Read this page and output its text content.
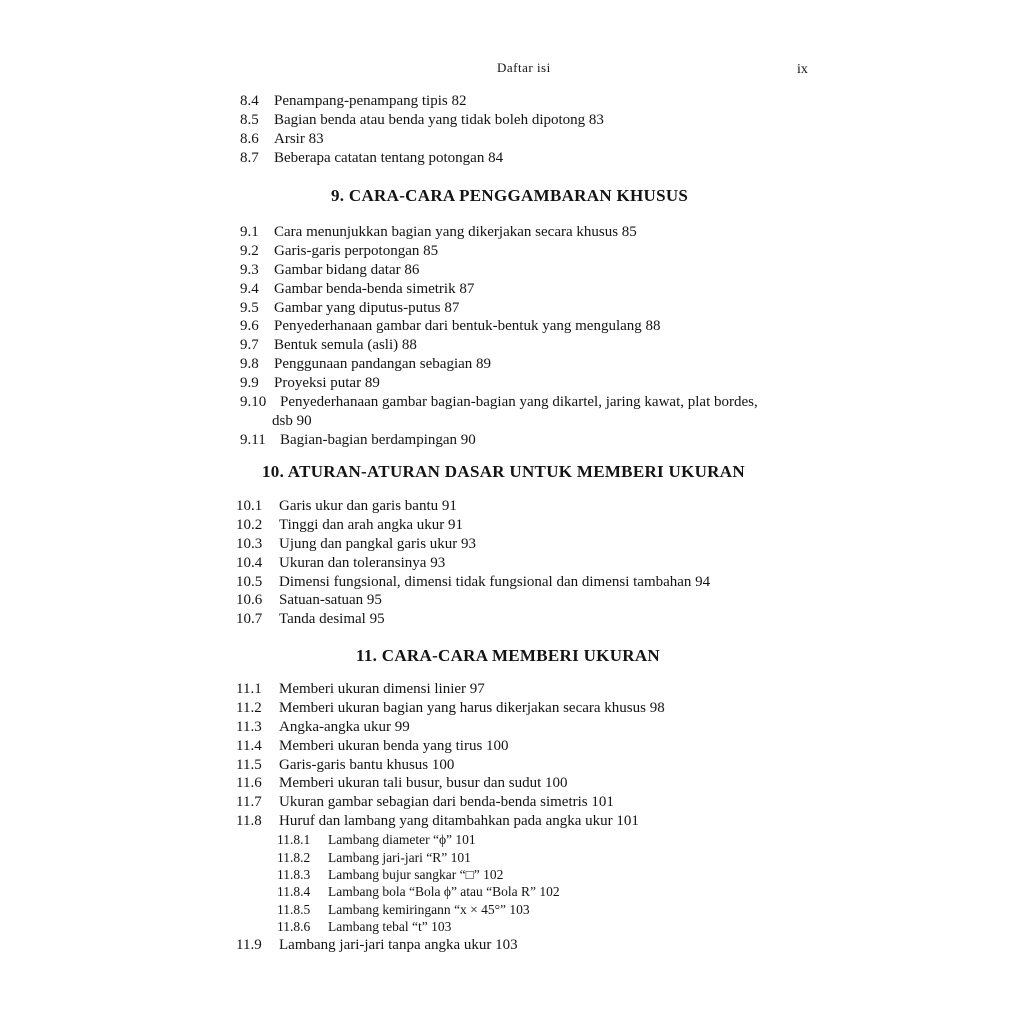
Daftar isi	ix
8.4 Penampang-penampang tipis 82
8.5 Bagian benda atau benda yang tidak boleh dipotong 83
8.6 Arsir 83
8.7 Beberapa catatan tentang potongan 84
9. CARA-CARA PENGGAMBARAN KHUSUS
9.1 Cara menunjukkan bagian yang dikerjakan secara khusus 85
9.2 Garis-garis perpotongan 85
9.3 Gambar bidang datar 86
9.4 Gambar benda-benda simetrik 87
9.5 Gambar yang diputus-putus 87
9.6 Penyederhanaan gambar dari bentuk-bentuk yang mengulang 88
9.7 Bentuk semula (asli) 88
9.8 Penggunaan pandangan sebagian 89
9.9 Proyeksi putar 89
9.10 Penyederhanaan gambar bagian-bagian yang dikartel, jaring kawat, plat bordes,
dsb 90
9.11 Bagian-bagian berdampingan 90
10. ATURAN-ATURAN DASAR UNTUK MEMBERI UKURAN
10.1 Garis ukur dan garis bantu 91
10.2 Tinggi dan arah angka ukur 91
10.3 Ujung dan pangkal garis ukur 93
10.4 Ukuran dan toleransinya 93
10.5 Dimensi fungsional, dimensi tidak fungsional dan dimensi tambahan 94
10.6 Satuan-satuan 95
10.7 Tanda desimal 95
11. CARA-CARA MEMBERI UKURAN
11.1 Memberi ukuran dimensi linier 97
11.2 Memberi ukuran bagian yang harus dikerjakan secara khusus 98
11.3 Angka-angka ukur 99
11.4 Memberi ukuran benda yang tirus 100
11.5 Garis-garis bantu khusus 100
11.6 Memberi ukuran tali busur, busur dan sudut 100
11.7 Ukuran gambar sebagian dari benda-benda simetris 101
11.8 Huruf dan lambang yang ditambahkan pada angka ukur 101
11.8.1 Lambang diameter “ϕ” 101
11.8.2 Lambang jari-jari “R” 101
11.8.3 Lambang bujur sangkar “□” 102
11.8.4 Lambang bola “Bola ϕ” atau “Bola R” 102
11.8.5 Lambang kemiringann “x × 45°” 103
11.8.6 Lambang tebal “t” 103
11.9 Lambang jari-jari tanpa angka ukur 103
